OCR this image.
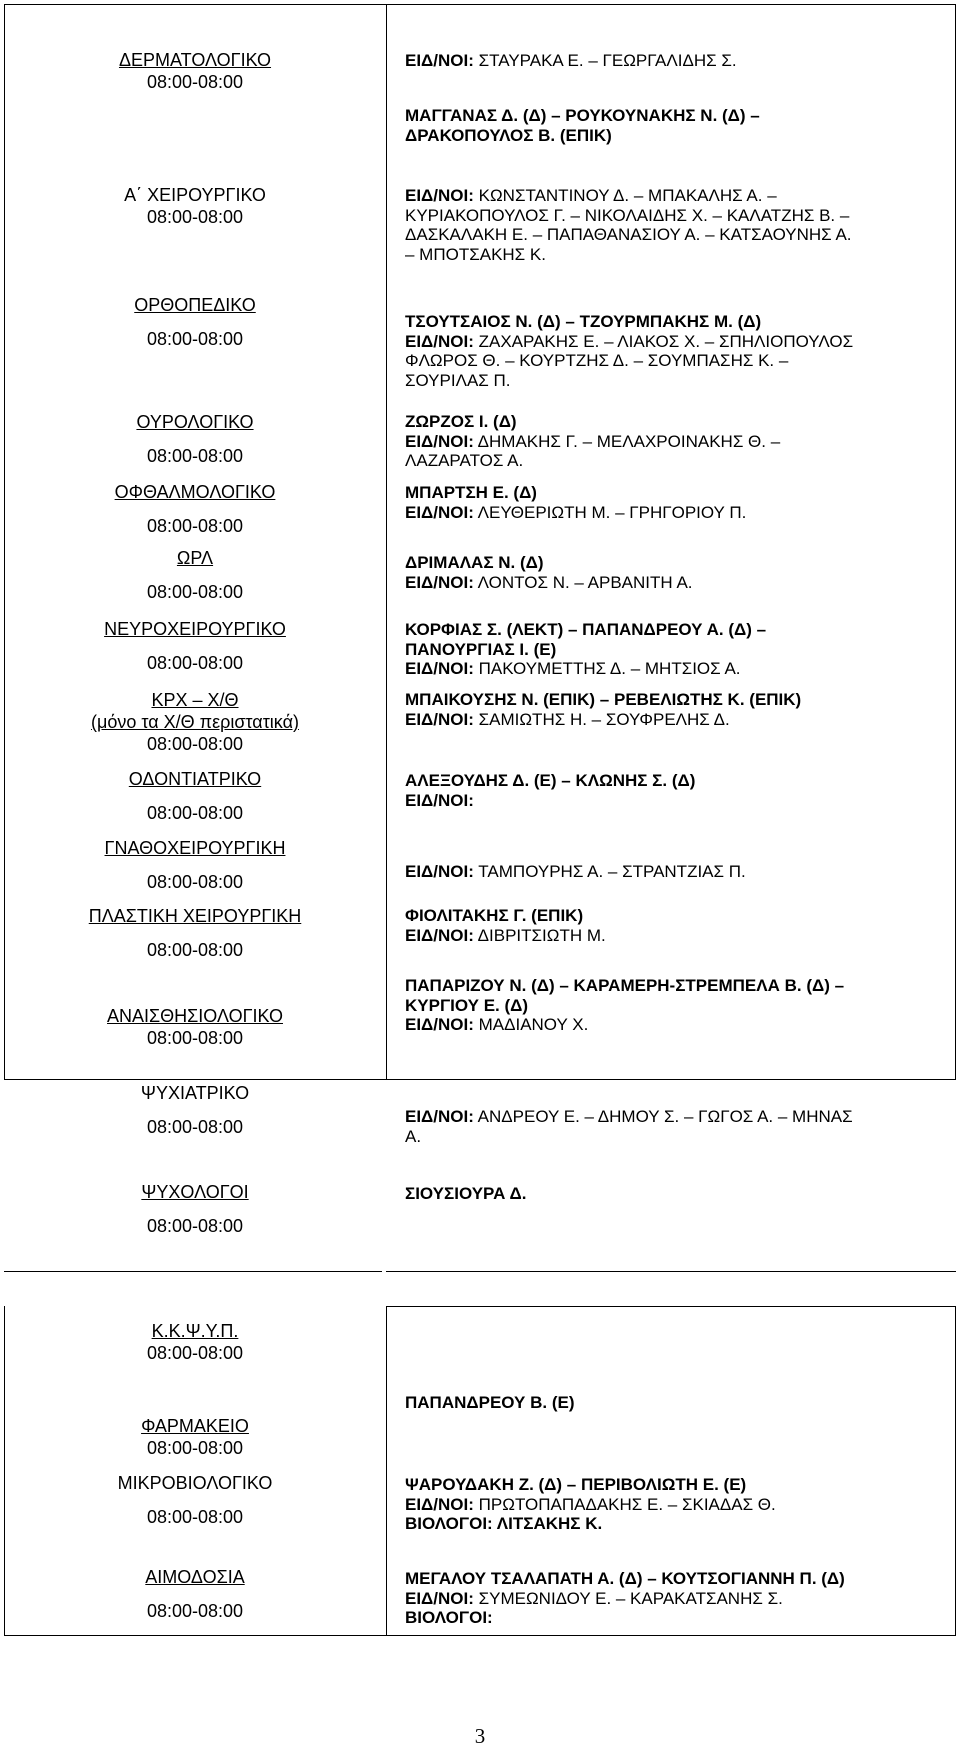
ΔΕΡΜΑΤΟΛΟΓΙΚΟ
08:00-08:00
Α΄ ΧΕΙΡΟΥΡΓΙΚΟ
08:00-08:00
ΟΡΘΟΠΕΔΙΚΟ
08:00-08:00
ΟΥΡΟΛΟΓΙΚΟ
08:00-08:00
ΟΦΘΑΛΜΟΛΟΓΙΚΟ
08:00-08:00
ΩΡΛ
08:00-08:00
ΝΕΥΡΟΧΕΙΡΟΥΡΓΙΚΟ
08:00-08:00
ΚΡΧ – Χ/Θ
(μόνο τα Χ/Θ περιστατικά)
08:00-08:00
ΟΔΟΝΤΙΑΤΡΙΚΟ
08:00-08:00
ΓΝΑΘΟΧΕΙΡΟΥΡΓΙΚΗ
08:00-08:00
ΠΛΑΣΤΙΚΗ ΧΕΙΡΟΥΡΓΙΚΗ
08:00-08:00
ΑΝΑΙΣΘΗΣΙΟΛΟΓΙΚΟ
08:00-08:00
ΨΥΧΙΑΤΡΙΚΟ
08:00-08:00
ΨΥΧΟΛΟΓΟΙ
08:00-08:00
Κ.Κ.Ψ.Υ.Π.
08:00-08:00
ΦΑΡΜΑΚΕΙΟ
08:00-08:00
ΜΙΚΡΟΒΙΟΛΟΓΙΚΟ
08:00-08:00
ΑΙΜΟΔΟΣΙΑ
08:00-08:00
ΕΙΔ/ΝΟΙ: ΣΤΑΥΡΑΚΑ Ε. – ΓΕΩΡΓΑΛΙΔΗΣ Σ.
ΜΑΓΓΑΝΑΣ Δ. (Δ) – ΡΟΥΚΟΥΝΑΚΗΣ Ν. (Δ) –
ΔΡΑΚΟΠΟΥΛΟΣ Β. (ΕΠΙΚ)
ΕΙΔ/ΝΟΙ: ΚΩΝΣΤΑΝΤΙΝΟΥ Δ. – ΜΠΑΚΑΛΗΣ Α. –
ΚΥΡΙΑΚΟΠΟΥΛΟΣ Γ. – ΝΙΚΟΛΑΙΔΗΣ Χ. – ΚΑΛΑΤΖΗΣ Β. –
ΔΑΣΚΑΛΑΚΗ Ε. – ΠΑΠΑΘΑΝΑΣΙΟΥ Α. – ΚΑΤΣΑΟΥΝΗΣ Α.
– ΜΠΟΤΣΑΚΗΣ Κ.
ΤΣΟΥΤΣΑΙΟΣ Ν. (Δ) – ΤΖΟΥΡΜΠΑΚΗΣ Μ. (Δ)
ΕΙΔ/ΝΟΙ: ΖΑΧΑΡΑΚΗΣ Ε. – ΛΙΑΚΟΣ Χ. – ΣΠΗΛΙΟΠΟΥΛΟΣ
ΦΛΩΡΟΣ Θ. – ΚΟΥΡΤΖΗΣ Δ. – ΣΟΥΜΠΑΣΗΣ Κ. –
ΣΟΥΡΙΛΑΣ Π.
ΖΩΡΖΟΣ Ι. (Δ)
ΕΙΔ/ΝΟΙ: ΔΗΜΑΚΗΣ Γ. – ΜΕΛΑΧΡΟΙΝΑΚΗΣ Θ. –
ΛΑΖΑΡΑΤΟΣ Α.
ΜΠΑΡΤΣΗ Ε. (Δ)
ΕΙΔ/ΝΟΙ: ΛΕΥΘΕΡΙΩΤΗ Μ. – ΓΡΗΓΟΡΙΟΥ Π.
ΔΡΙΜΑΛΑΣ Ν. (Δ)
ΕΙΔ/ΝΟΙ: ΛΟΝΤΟΣ Ν. – ΑΡΒΑΝΙΤΗ Α.
ΚΟΡΦΙΑΣ Σ. (ΛΕΚΤ) – ΠΑΠΑΝΔΡΕΟΥ Α. (Δ) –
ΠΑΝΟΥΡΓΙΑΣ Ι. (Ε)
ΕΙΔ/ΝΟΙ: ΠΑΚΟΥΜΕΤΤΗΣ Δ. – ΜΗΤΣΙΟΣ Α.
ΜΠΑΙΚΟΥΣΗΣ Ν. (ΕΠΙΚ) – ΡΕΒΕΛΙΩΤΗΣ Κ. (ΕΠΙΚ)
ΕΙΔ/ΝΟΙ: ΣΑΜΙΩΤΗΣ Η. – ΣΟΥΦΡΕΛΗΣ Δ.
ΑΛΕΞΟΥΔΗΣ Δ. (Ε) – ΚΛΩΝΗΣ Σ. (Δ)
ΕΙΔ/ΝΟΙ:
ΕΙΔ/ΝΟΙ: ΤΑΜΠΟΥΡΗΣ Α. – ΣΤΡΑΝΤΖΙΑΣ Π.
ΦΙΟΛΙΤΑΚΗΣ Γ. (ΕΠΙΚ)
ΕΙΔ/ΝΟΙ: ΔΙΒΡΙΤΣΙΩΤΗ Μ.
ΠΑΠΑΡΙΖΟΥ Ν. (Δ) – ΚΑΡΑΜΕΡΗ-ΣΤΡΕΜΠΕΛΑ Β. (Δ) –
ΚΥΡΓΙΟΥ Ε. (Δ)
ΕΙΔ/ΝΟΙ: ΜΑΔΙΑΝΟΥ Χ.
ΕΙΔ/ΝΟΙ: ΑΝΔΡΕΟΥ Ε. – ΔΗΜΟΥ Σ. – ΓΩΓΟΣ Α. – ΜΗΝΑΣ
Α.
ΣΙΟΥΣΙΟΥΡΑ Δ.
ΠΑΠΑΝΔΡΕΟΥ Β. (Ε)
ΨΑΡΟΥΔΑΚΗ Ζ. (Δ) – ΠΕΡΙΒΟΛΙΩΤΗ Ε. (Ε)
ΕΙΔ/ΝΟΙ: ΠΡΩΤΟΠΑΠΑΔΑΚΗΣ Ε. – ΣΚΙΑΔΑΣ Θ.
ΒΙΟΛΟΓΟΙ: ΛΙΤΣΑΚΗΣ Κ.
ΜΕΓΑΛΟΥ ΤΣΑΛΑΠΑΤΗ Α. (Δ) – ΚΟΥΤΣΟΓΙΑΝΝΗ Π. (Δ)
ΕΙΔ/ΝΟΙ: ΣΥΜΕΩΝΙΔΟΥ Ε. – ΚΑΡΑΚΑΤΣΑΝΗΣ Σ.
ΒΙΟΛΟΓΟΙ:
3
